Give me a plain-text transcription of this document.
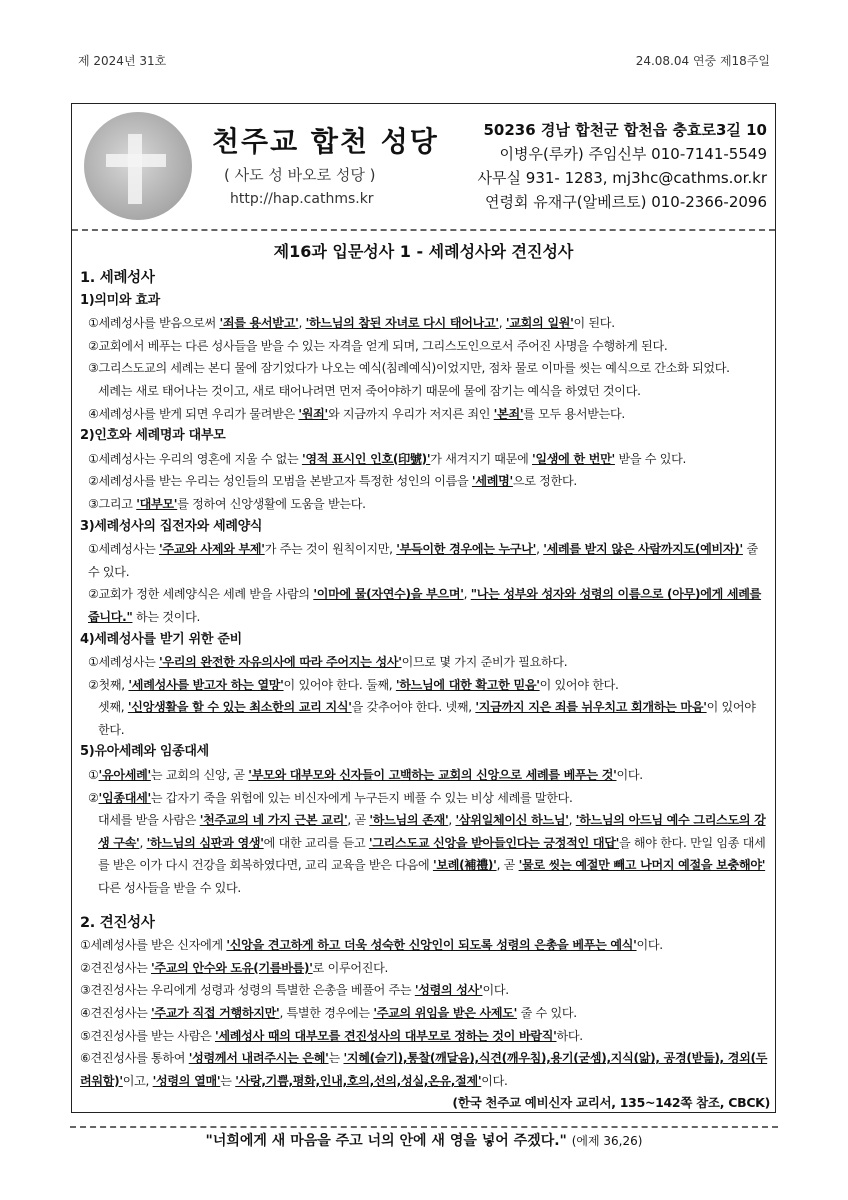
제 2024년 31호	24.08.04 연중 제18주일
천주교 합천 성당
( 사도 성 바오로 성당 )
http://hap.cathms.kr
50236 경남 합천군 합천읍 충효로3길 10
이병우(루카) 주임신부 010-7141-5549
사무실 931- 1283, mj3hc@cathms.or.kr
연령회 유재구(알베르토) 010-2366-2096
제16과 입문성사 1 - 세례성사와 견진성사
1. 세례성사
1)의미와 효과
①세례성사를 받음으로써 '죄를 용서받고', '하느님의 참된 자녀로 다시 태어나고', '교회의 일원'이 된다.
②교회에서 베푸는 다른 성사들을 받을 수 있는 자격을 얻게 되며, 그리스도인으로서 주어진 사명을 수행하게 된다.
③그리스도교의 세례는 본디 물에 잠기었다가 나오는 예식(침례예식)이었지만, 점차 물로 이마를 씻는 예식으로 간소화 되었다.
세례는 새로 태어나는 것이고, 새로 태어나려면 먼저 죽어야하기 때문에 물에 잠기는 예식을 하였던 것이다.
④세례성사를 받게 되면 우리가 물려받은 '원죄'와 지금까지 우리가 저지른 죄인 '본죄'를 모두 용서받는다.
2)인호와 세례명과 대부모
①세례성사는 우리의 영혼에 지울 수 없는 '영적 표시인 인호(印號)'가 새겨지기 때문에 '일생에 한 번만' 받을 수 있다.
②세례성사를 받는 우리는 성인들의 모범을 본받고자 특정한 성인의 이름을 '세례명'으로 정한다.
③그리고 '대부모'를 정하여 신앙생활에 도움을 받는다.
3)세례성사의 집전자와 세례양식
①세례성사는 '주교와 사제와 부제'가 주는 것이 원칙이지만, '부득이한 경우에는 누구나', '세례를 받지 않은 사람까지도(예비자)' 줄 수 있다.
②교회가 정한 세례양식은 세례 받을 사람의 '이마에 물(자연수)을 부으며', "나는 성부와 성자와 성령의 이름으로 (아무)에게 세례를 줍니다." 하는 것이다.
4)세례성사를 받기 위한 준비
①세례성사는 '우리의 완전한 자유의사에 따라 주어지는 성사'이므로 몇 가지 준비가 필요하다.
②첫째, '세례성사를 받고자 하는 열망'이 있어야 한다. 둘째, '하느님에 대한 확고한 믿음'이 있어야 한다.
셋째, '신앙생활을 할 수 있는 최소한의 교리 지식'을 갖추어야 한다. 넷째, '지금까지 지은 죄를 뉘우치고 회개하는 마음'이 있어야 한다.
5)유아세례와 임종대세
①'유아세례'는 교회의 신앙, 곧 '부모와 대부모와 신자들이 고백하는 교회의 신앙으로 세례를 베푸는 것'이다.
②'임종대세'는 갑자기 죽을 위험에 있는 비신자에게 누구든지 베풀 수 있는 비상 세례를 말한다.
대세를 받을 사람은 '천주교의 네 가지 근본 교리', 곧 '하느님의 존재', '삼위일체이신 하느님', '하느님의 아드님 예수 그리스도의 강생 구속', '하느님의 심판과 영생'에 대한 교리를 듣고 '그리스도교 신앙을 받아들인다는 긍정적인 대답'을 해야 한다. 만일 임종 대세를 받은 이가 다시 건강을 회복하였다면, 교리 교육을 받은 다음에 '보례(補禮)', 곧 '물로 씻는 예절만 빼고 나머지 예절을 보충해야' 다른 성사들을 받을 수 있다.
2. 견진성사
①세례성사를 받은 신자에게 '신앙을 견고하게 하고 더욱 성숙한 신앙인이 되도록 성령의 은총을 베푸는 예식'이다.
②견진성사는 '주교의 안수와 도유(기름바름)'로 이루어진다.
③견진성사는 우리에게 성령과 성령의 특별한 은총을 베풀어 주는 '성령의 성사'이다.
④견진성사는 '주교가 직접 거행하지만', 특별한 경우에는 '주교의 위임을 받은 사제도' 줄 수 있다.
⑤견진성사를 받는 사람은 '세례성사 때의 대부모를 견진성사의 대부모로 정하는 것이 바람직'하다.
⑥견진성사를 통하여 '성령께서 내려주시는 은혜'는 '지혜(슬기),통찰(깨달음),식견(깨우침),용기(굳셈),지식(앎), 공경(받듦), 경외(두려워함)'이고, '성령의 열매'는 '사랑,기쁨,평화,인내,호의,선의,성실,온유,절제'이다.
(한국 천주교 예비신자 교리서, 135~142쪽 참조, CBCK)
"너희에게 새 마음을 주고 너의 안에 새 영을 넣어 주겠다." (에제 36,26)
